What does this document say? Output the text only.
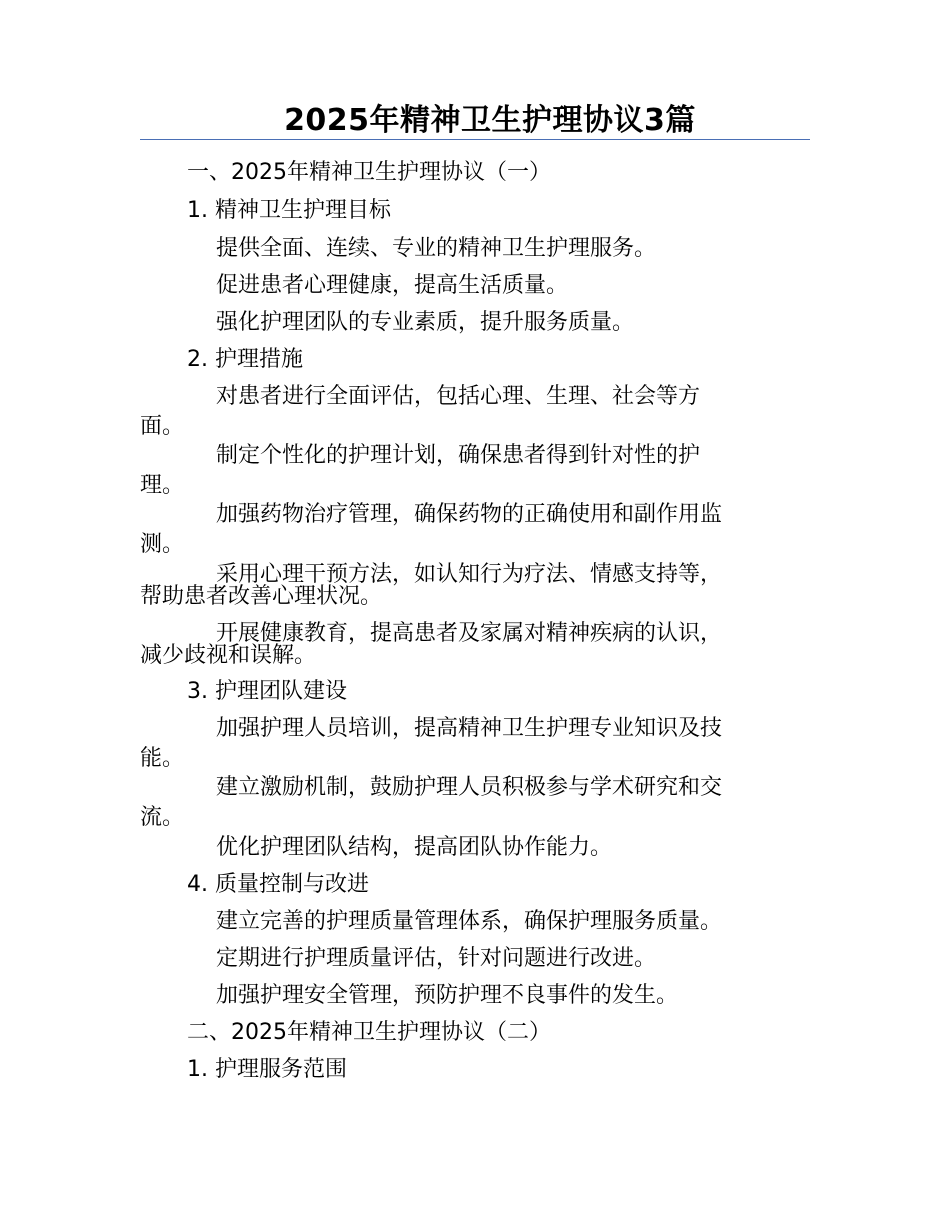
2025年精神卫生护理协议3篇
一、2025年精神卫生护理协议（一）
1. 精神卫生护理目标
提供全面、连续、专业的精神卫生护理服务。
促进患者心理健康，提高生活质量。
强化护理团队的专业素质，提升服务质量。
2. 护理措施
对患者进行全面评估，包括心理、生理、社会等方
面。
制定个性化的护理计划，确保患者得到针对性的护
理。
加强药物治疗管理，确保药物的正确使用和副作用监
测。
采用心理干预方法，如认知行为疗法、情感支持等，
帮助患者改善心理状况。
开展健康教育，提高患者及家属对精神疾病的认识，
减少歧视和误解。
3. 护理团队建设
加强护理人员培训，提高精神卫生护理专业知识及技
能。
建立激励机制，鼓励护理人员积极参与学术研究和交
流。
优化护理团队结构，提高团队协作能力。
4. 质量控制与改进
建立完善的护理质量管理体系，确保护理服务质量。
定期进行护理质量评估，针对问题进行改进。
加强护理安全管理，预防护理不良事件的发生。
二、2025年精神卫生护理协议（二）
1. 护理服务范围
